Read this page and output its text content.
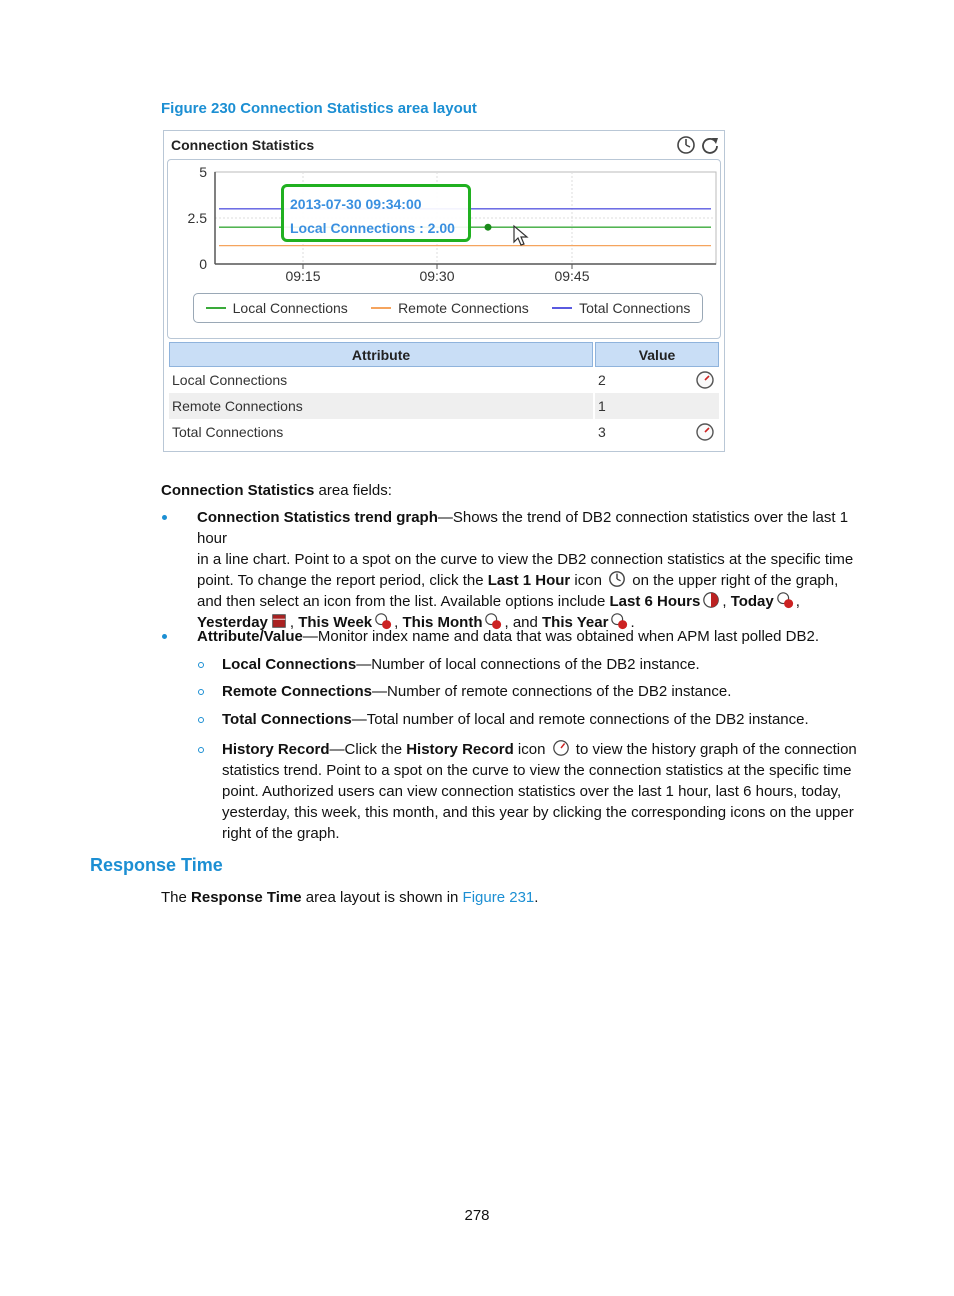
Figure 230 Connection Statistics area layout
Connection Statistics
5
2.5
0
09:15	09:30	09:45
2013-07-30 09:34:00
Local Connections : 2.00
Local Connections	Remote Connections	Total Connections
Attribute	Value
Local Connections	2

Remote Connections	1
Total Connections	3
Connection Statistics area fields:
Connection Statistics trend graph—Shows the trend of DB2 connection statistics over the last 1 hour
in a line chart. Point to a spot on the curve to view the DB2 connection statistics at the specific time
point. To change the report period, click the Last 1 Hour icon  on the upper right of the graph,
and then select an icon from the list. Available options include Last 6 Hours , Today ,
Yesterday , This Week , This Month , and This Year .
Attribute/Value—Monitor index name and data that was obtained when APM last polled DB2.
Local Connections—Number of local connections of the DB2 instance.
Remote Connections—Number of remote connections of the DB2 instance.
Total Connections—Total number of local and remote connections of the DB2 instance.
History Record—Click the History Record icon  to view the history graph of the connection
statistics trend. Point to a spot on the curve to view the connection statistics at the specific time
point. Authorized users can view connection statistics over the last 1 hour, last 6 hours, today,
yesterday, this week, this month, and this year by clicking the corresponding icons on the upper
right of the graph.
Response Time
The Response Time area layout is shown in Figure 231.
278
